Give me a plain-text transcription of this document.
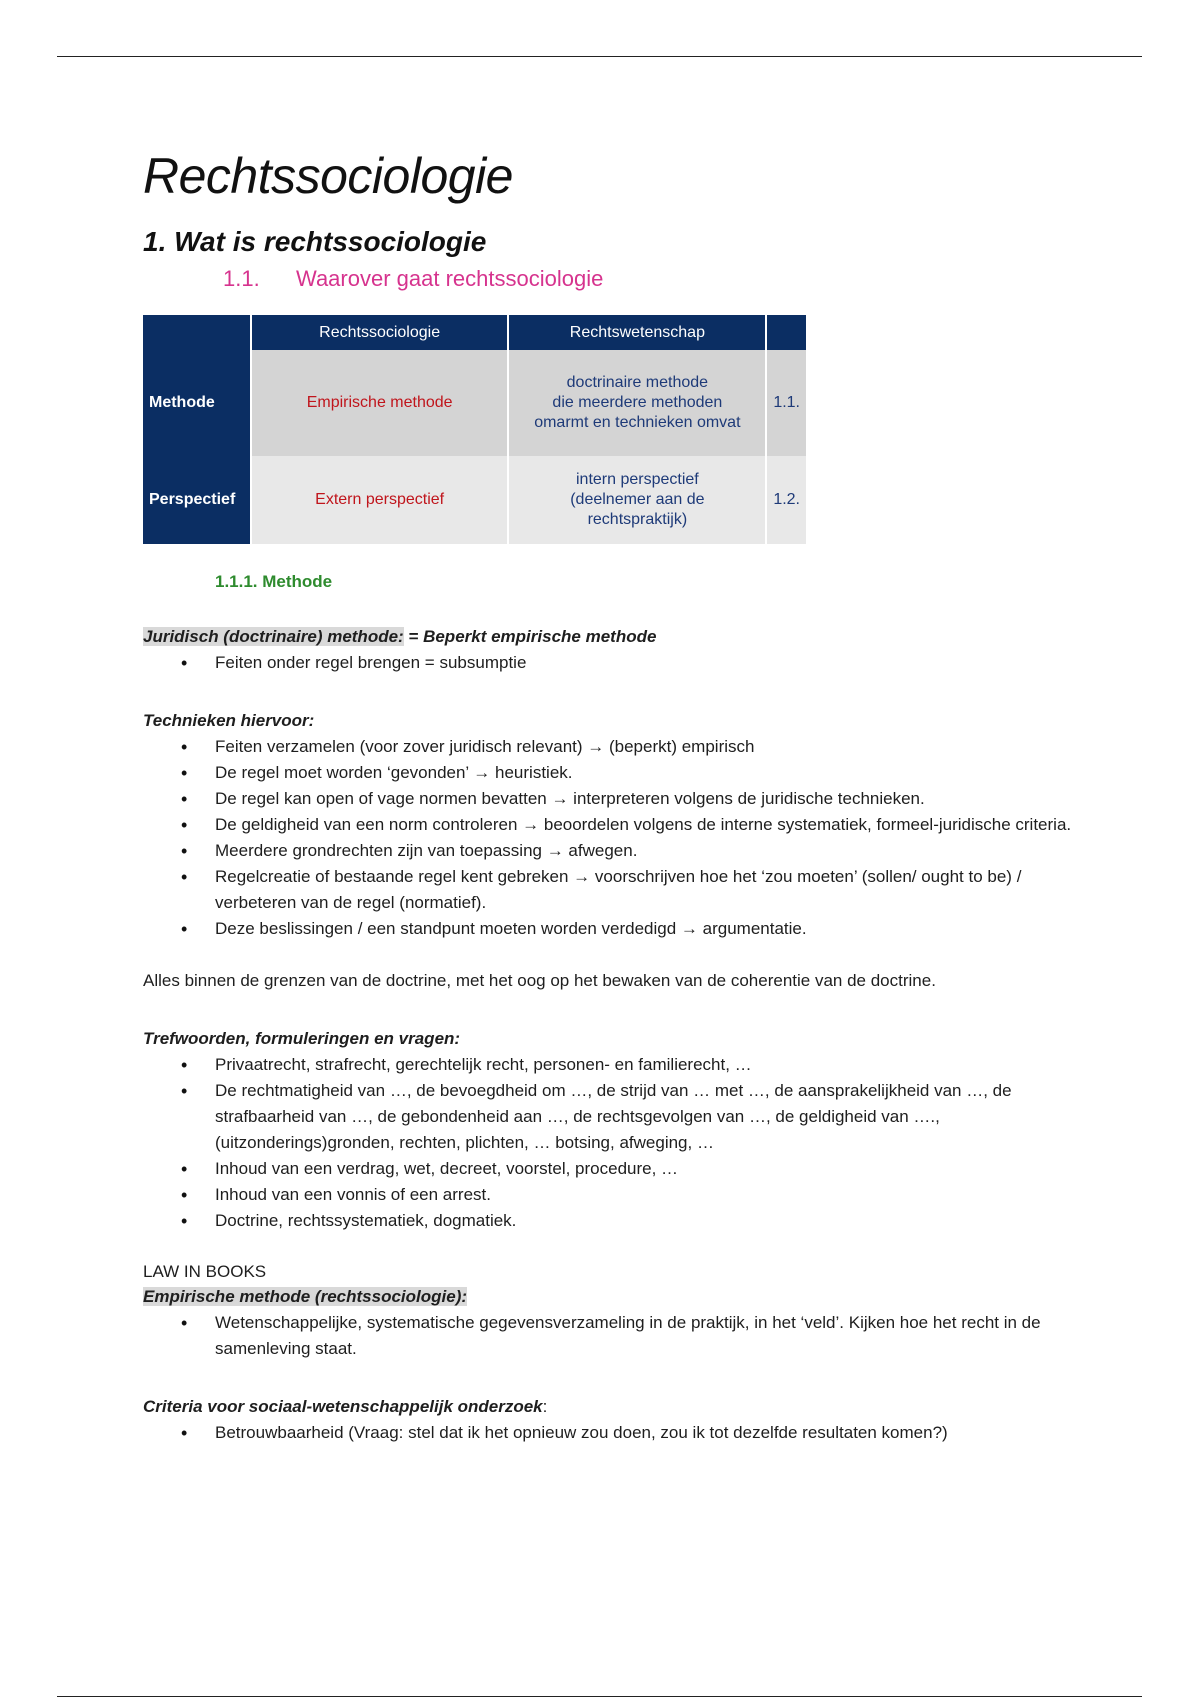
Rechtssociologie
1. Wat is rechtssociologie
1.1. Waarover gaat rechtssociologie
	Rechtssociologie	Rechtswetenschap	
Methode	Empirische methode	doctrinaire methode
die meerdere methoden
omarmt en technieken omvat	1.1.
Perspectief	Extern perspectief	intern perspectief
(deelnemer aan de
rechtspraktijk)	1.2.
1.1.1. Methode
Juridisch (doctrinaire) methode: = Beperkt empirische methode
• Feiten onder regel brengen = subsumptie
Technieken hiervoor:
• Feiten verzamelen (voor zover juridisch relevant) → (beperkt) empirisch
• De regel moet worden ‘gevonden’ → heuristiek.
• De regel kan open of vage normen bevatten → interpreteren volgens de juridische technieken.
• De geldigheid van een norm controleren → beoordelen volgens de interne systematiek, formeel-juridische criteria.
• Meerdere grondrechten zijn van toepassing → afwegen.
• Regelcreatie of bestaande regel kent gebreken → voorschrijven hoe het ‘zou moeten’ (sollen/ ought to be) / verbeteren van de regel (normatief).
• Deze beslissingen / een standpunt moeten worden verdedigd → argumentatie.

Alles binnen de grenzen van de doctrine, met het oog op het bewaken van de coherentie van de doctrine.

Trefwoorden, formuleringen en vragen:
• Privaatrecht, strafrecht, gerechtelijk recht, personen- en familierecht, …
• De rechtmatigheid van …, de bevoegdheid om …, de strijd van … met …, de aansprakelijkheid van …, de strafbaarheid van …, de gebondenheid aan …, de rechtsgevolgen van …, de geldigheid van …., (uitzonderings)gronden, rechten, plichten, … botsing, afweging, …
• Inhoud van een verdrag, wet, decreet, voorstel, procedure, …
• Inhoud van een vonnis of een arrest.
• Doctrine, rechtssystematiek, dogmatiek.

LAW IN BOOKS

Empirische methode (rechtssociologie):
• Wetenschappelijke, systematische gegevensverzameling in de praktijk, in het ‘veld’. Kijken hoe het recht in de samenleving staat.
Criteria voor sociaal-wetenschappelijk onderzoek:
• Betrouwbaarheid (Vraag: stel dat ik het opnieuw zou doen, zou ik tot dezelfde resultaten komen?)
